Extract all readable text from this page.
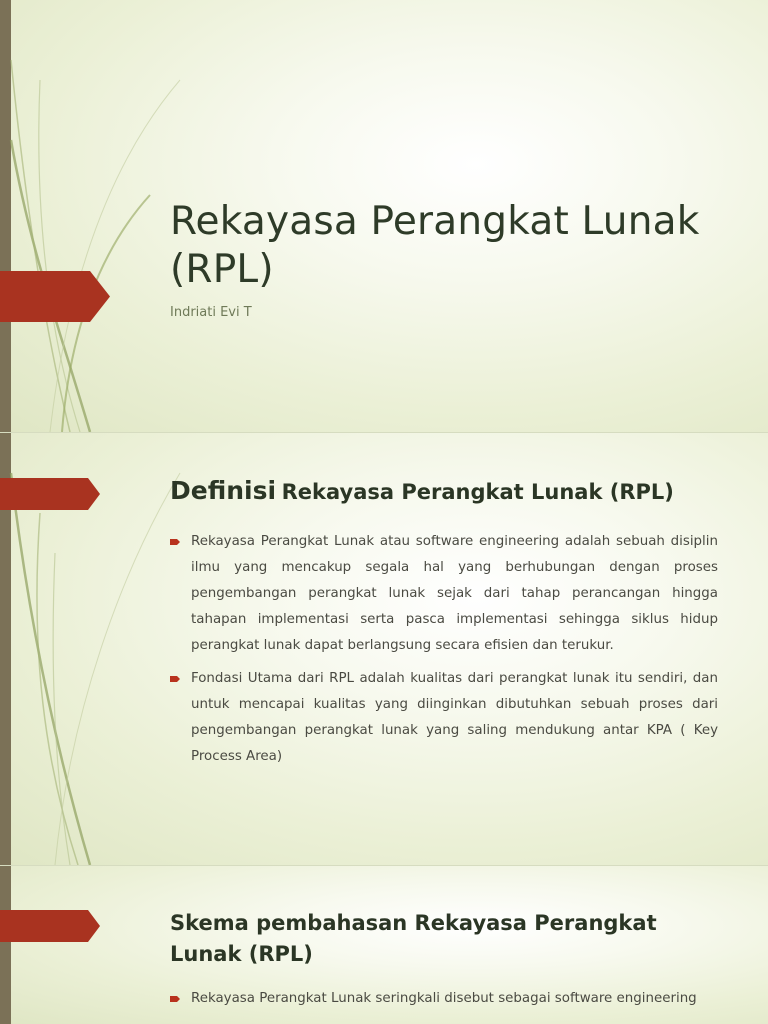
Rekayasa Perangkat Lunak (RPL)
Indriati Evi T
Definisi Rekayasa Perangkat Lunak (RPL)
Rekayasa Perangkat Lunak atau software engineering adalah sebuah disiplin ilmu yang mencakup segala hal yang berhubungan dengan proses pengembangan perangkat lunak sejak dari tahap perancangan hingga tahapan implementasi serta pasca implementasi sehingga siklus hidup perangkat lunak dapat berlangsung secara efisien dan terukur.
Fondasi Utama dari RPL adalah kualitas dari perangkat lunak itu sendiri, dan untuk mencapai kualitas yang diinginkan dibutuhkan sebuah proses dari pengembangan perangkat lunak yang saling mendukung antar KPA ( Key Process Area)
Skema pembahasan Rekayasa Perangkat Lunak (RPL)
Rekayasa Perangkat Lunak seringkali disebut sebagai software engineering
